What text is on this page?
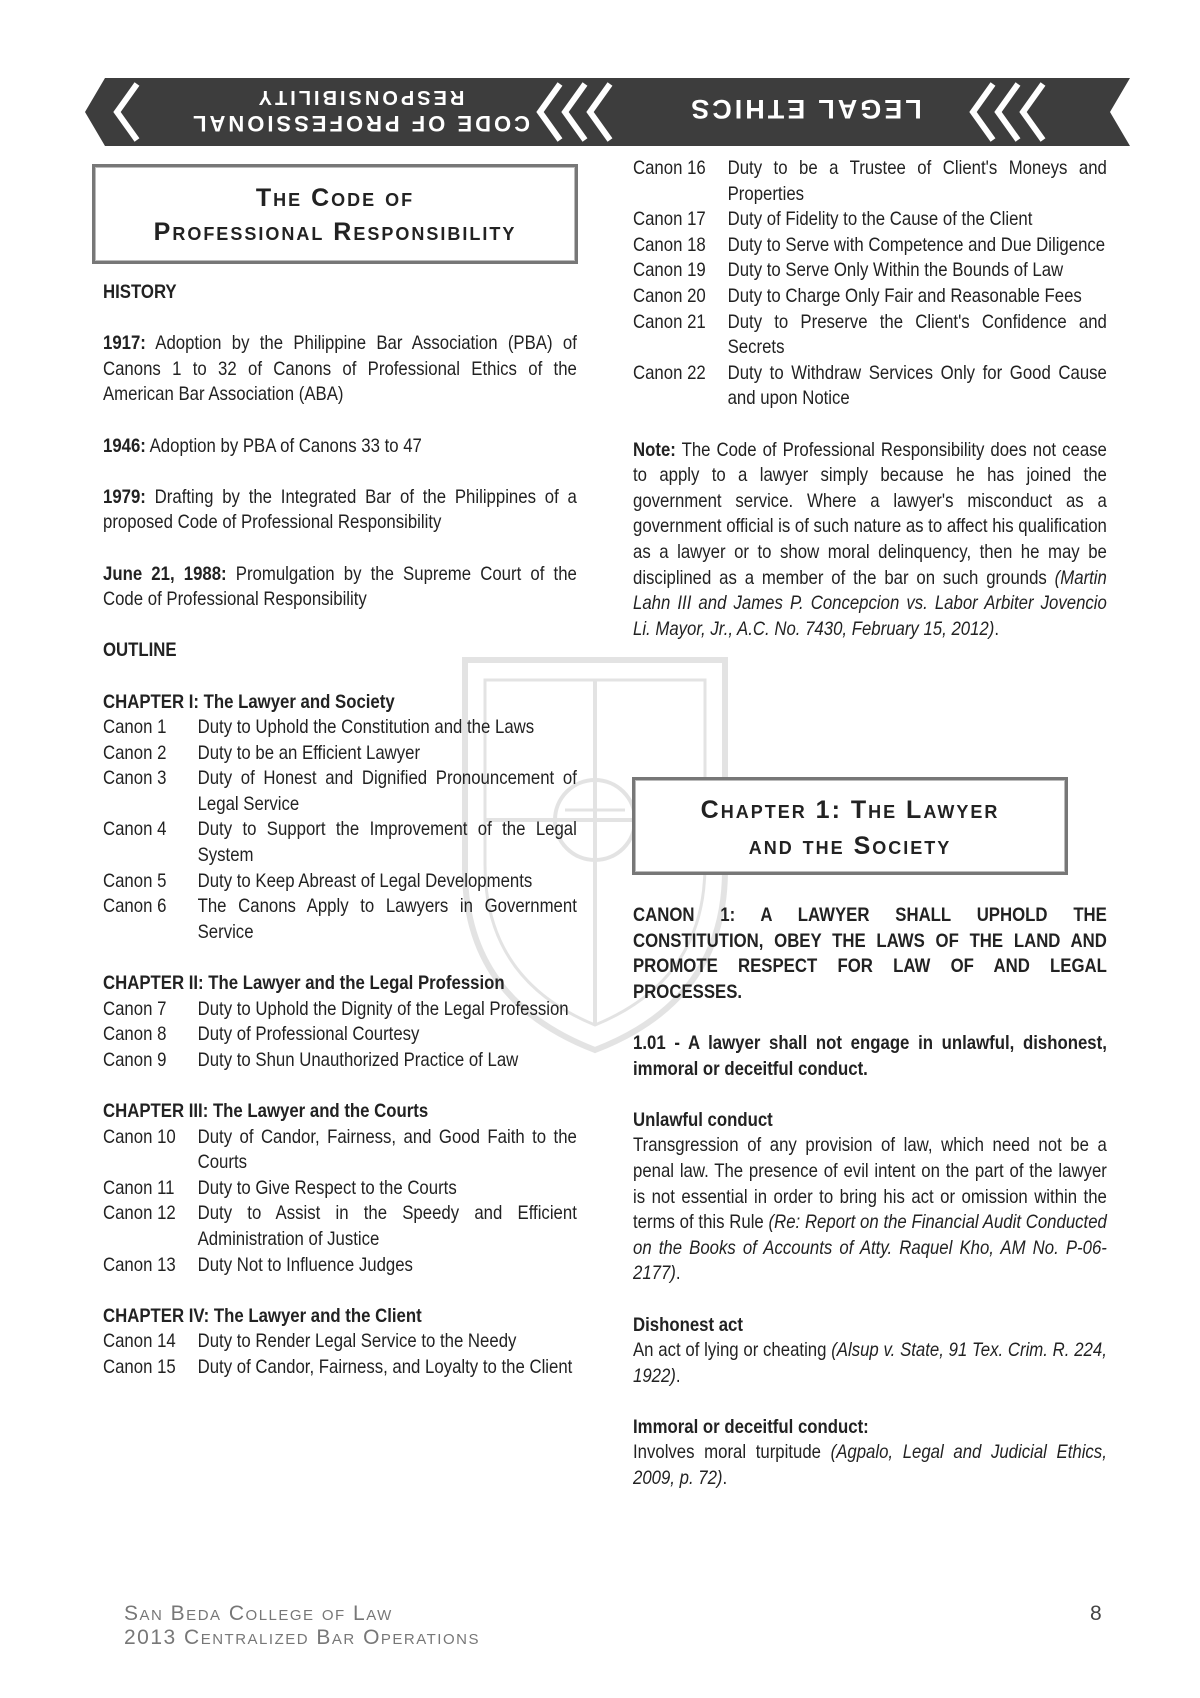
CODE OF PROFESSIONAL
RESPONSIBILITY	LEGAL ETHICS
The Code of
Professional Responsibility
HISTORY

1917: Adoption by the Philippine Bar Association (PBA) of Canons 1 to 32 of Canons of Professional Ethics of the American Bar Association (ABA)

1946: Adoption by PBA of Canons 33 to 47

1979: Drafting by the Integrated Bar of the Philippines of a proposed Code of Professional Responsibility

June 21, 1988: Promulgation by the Supreme Court of the Code of Professional Responsibility

OUTLINE
CHAPTER I: The Lawyer and Society
Canon 1	Duty to Uphold the Constitution and the Laws
Canon 2	Duty to be an Efficient Lawyer
Canon 3	Duty of Honest and Dignified Pronouncement of Legal Service
Canon 4	Duty to Support the Improvement of the Legal System
Canon 5	Duty to Keep Abreast of Legal Developments
Canon 6	The Canons Apply to Lawyers in Government Service
CHAPTER II: The Lawyer and the Legal Profession
Canon 7	Duty to Uphold the Dignity of the Legal Profession
Canon 8	Duty of Professional Courtesy
Canon 9	Duty to Shun Unauthorized Practice of Law
CHAPTER III: The Lawyer and the Courts
Canon 10	Duty of Candor, Fairness, and Good Faith to the Courts
Canon 11	Duty to Give Respect to the Courts
Canon 12	Duty to Assist in the Speedy and Efficient Administration of Justice
Canon 13	Duty Not to Influence Judges
CHAPTER IV: The Lawyer and the Client
Canon 14	Duty to Render Legal Service to the Needy
Canon 15	Duty of Candor, Fairness, and Loyalty to the Client
Canon 16	Duty to be a Trustee of Client's Moneys and Properties
Canon 17	Duty of Fidelity to the Cause of the Client
Canon 18	Duty to Serve with Competence and Due Diligence
Canon 19	Duty to Serve Only Within the Bounds of Law
Canon 20	Duty to Charge Only Fair and Reasonable Fees
Canon 21	Duty to Preserve the Client's Confidence and Secrets
Canon 22	Duty to Withdraw Services Only for Good Cause and upon Notice

Note: The Code of Professional Responsibility does not cease to apply to a lawyer simply because he has joined the government service. Where a lawyer's misconduct as a government official is of such nature as to affect his qualification as a lawyer or to show moral delinquency, then he may be disciplined as a member of the bar on such grounds (Martin Lahn III and James P. Concepcion vs. Labor Arbiter Jovencio Li. Mayor, Jr., A.C. No. 7430, February 15, 2012).

Chapter 1: The Lawyer
and the Society

CANON 1: A LAWYER SHALL UPHOLD THE CONSTITUTION, OBEY THE LAWS OF THE LAND AND PROMOTE RESPECT FOR LAW OF AND LEGAL PROCESSES.

1.01 - A lawyer shall not engage in unlawful, dishonest, immoral or deceitful conduct.

Unlawful conduct

Transgression of any provision of law, which need not be a penal law. The presence of evil intent on the part of the lawyer is not essential in order to bring his act or omission within the terms of this Rule (Re: Report on the Financial Audit Conducted on the Books of Accounts of Atty. Raquel Kho, AM No. P-06-2177).

Dishonest act

An act of lying or cheating (Alsup v. State, 91 Tex. Crim. R. 224, 1922).

Immoral or deceitful conduct:

Involves moral turpitude (Agpalo, Legal and Judicial Ethics, 2009, p. 72).

San Beda College of Law
2013 Centralized Bar Operations
8
